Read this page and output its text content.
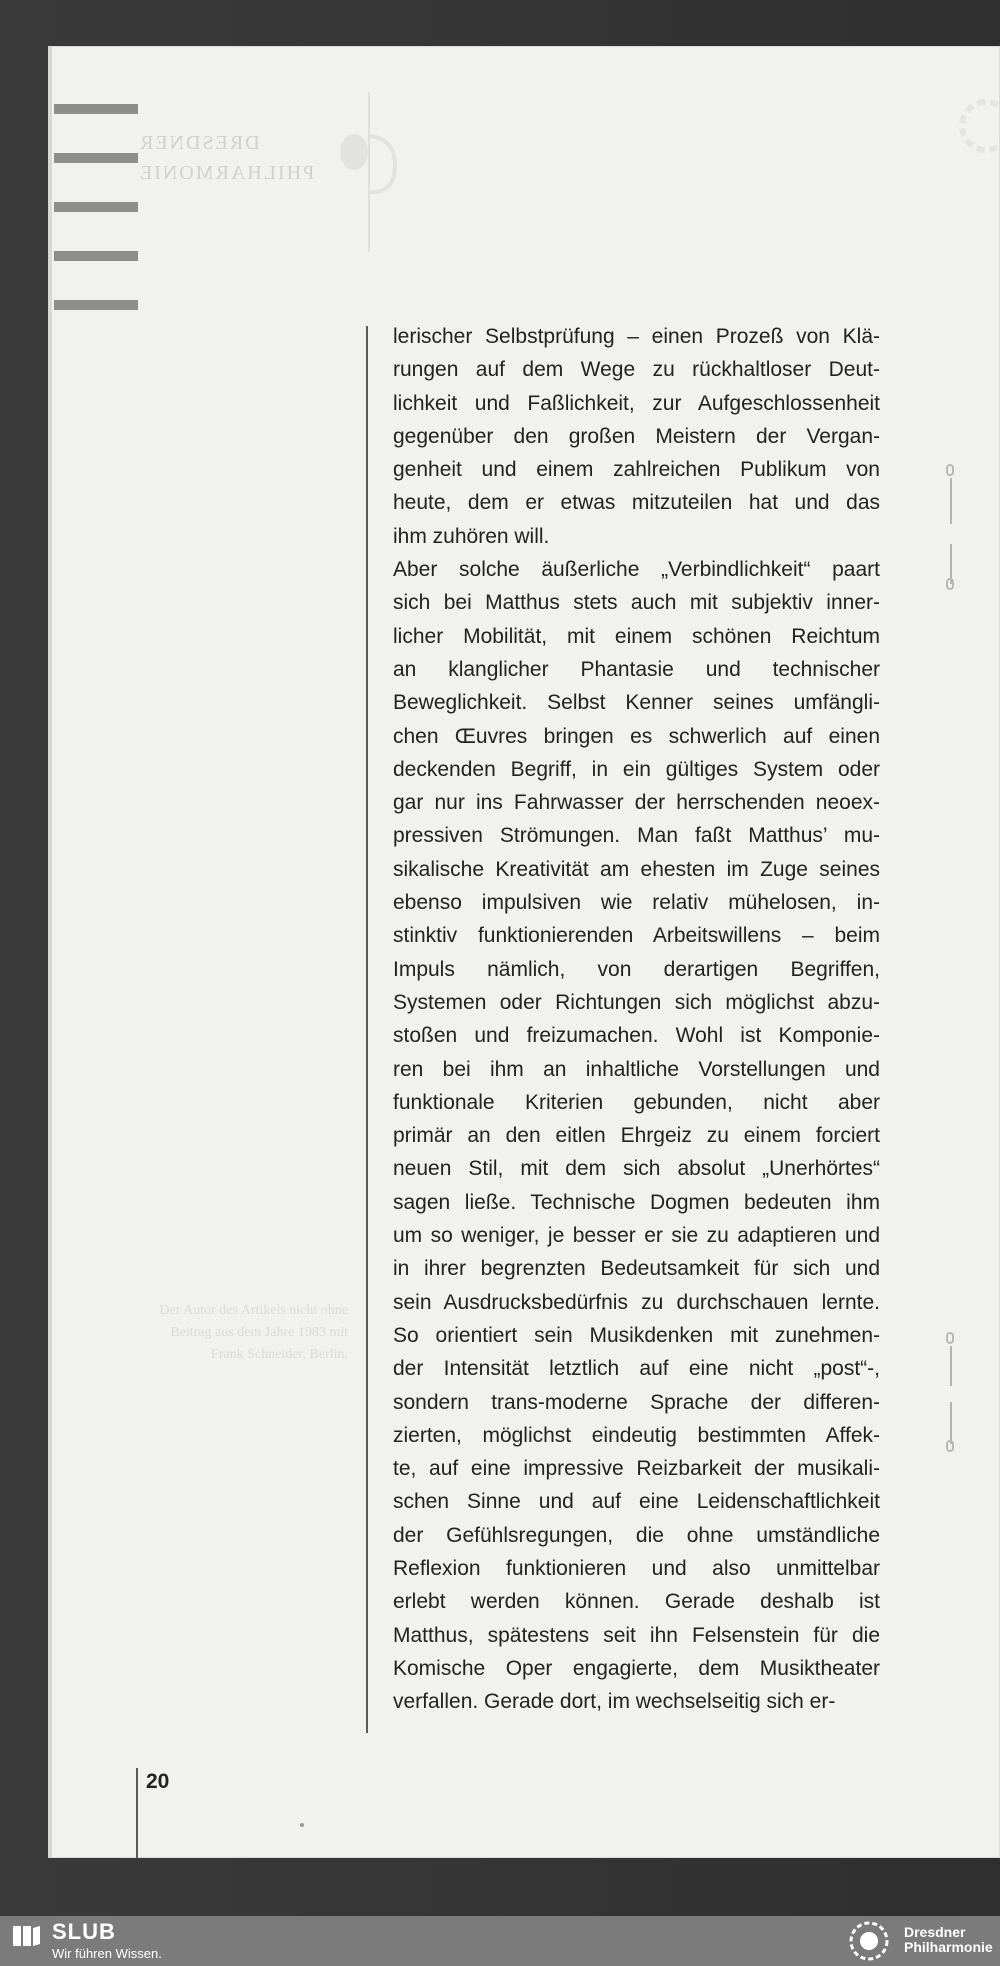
DRESDNER
PHILHARMONIE
Der Autor des Artikels nicht ohne Beitrag aus dem Jahre 1983 mit Frank Schneider, Berlin.
lerischer Selbstprüfung – einen Prozeß von Klä-
rungen auf dem Wege zu rückhaltloser Deut-
lichkeit und Faßlichkeit, zur Aufgeschlossenheit
gegenüber den großen Meistern der Vergan-
genheit und einem zahlreichen Publikum von
heute, dem er etwas mitzuteilen hat und das
ihm zuhören will.
Aber solche äußerliche „Verbindlichkeit“ paart
sich bei Matthus stets auch mit subjektiv inner-
licher Mobilität, mit einem schönen Reichtum
an klanglicher Phantasie und technischer
Beweglichkeit. Selbst Kenner seines umfängli-
chen Œuvres bringen es schwerlich auf einen
deckenden Begriff, in ein gültiges System oder
gar nur ins Fahrwasser der herrschenden neoex-
pressiven Strömungen. Man faßt Matthus’ mu-
sikalische Kreativität am ehesten im Zuge seines
ebenso impulsiven wie relativ mühelosen, in-
stinktiv funktionierenden Arbeitswillens – beim
Impuls nämlich, von derartigen Begriffen,
Systemen oder Richtungen sich möglichst abzu-
stoßen und freizumachen. Wohl ist Komponie-
ren bei ihm an inhaltliche Vorstellungen und
funktionale Kriterien gebunden, nicht aber
primär an den eitlen Ehrgeiz zu einem forciert
neuen Stil, mit dem sich absolut „Unerhörtes“
sagen ließe. Technische Dogmen bedeuten ihm
um so weniger, je besser er sie zu adaptieren und
in ihrer begrenzten Bedeutsamkeit für sich und
sein Ausdrucksbedürfnis zu durchschauen lernte.
So orientiert sein Musikdenken mit zunehmen-
der Intensität letztlich auf eine nicht „post“-,
sondern trans-moderne Sprache der differen-
zierten, möglichst eindeutig bestimmten Affek-
te, auf eine impressive Reizbarkeit der musikali-
schen Sinne und auf eine Leidenschaftlichkeit
der Gefühlsregungen, die ohne umständliche
Reflexion funktionieren und also unmittelbar
erlebt werden können. Gerade deshalb ist
Matthus, spätestens seit ihn Felsenstein für die
Komische Oper engagierte, dem Musiktheater
verfallen. Gerade dort, im wechselseitig sich er-
20
SLUB
Wir führen Wissen.
Dresdner
Philharmonie
